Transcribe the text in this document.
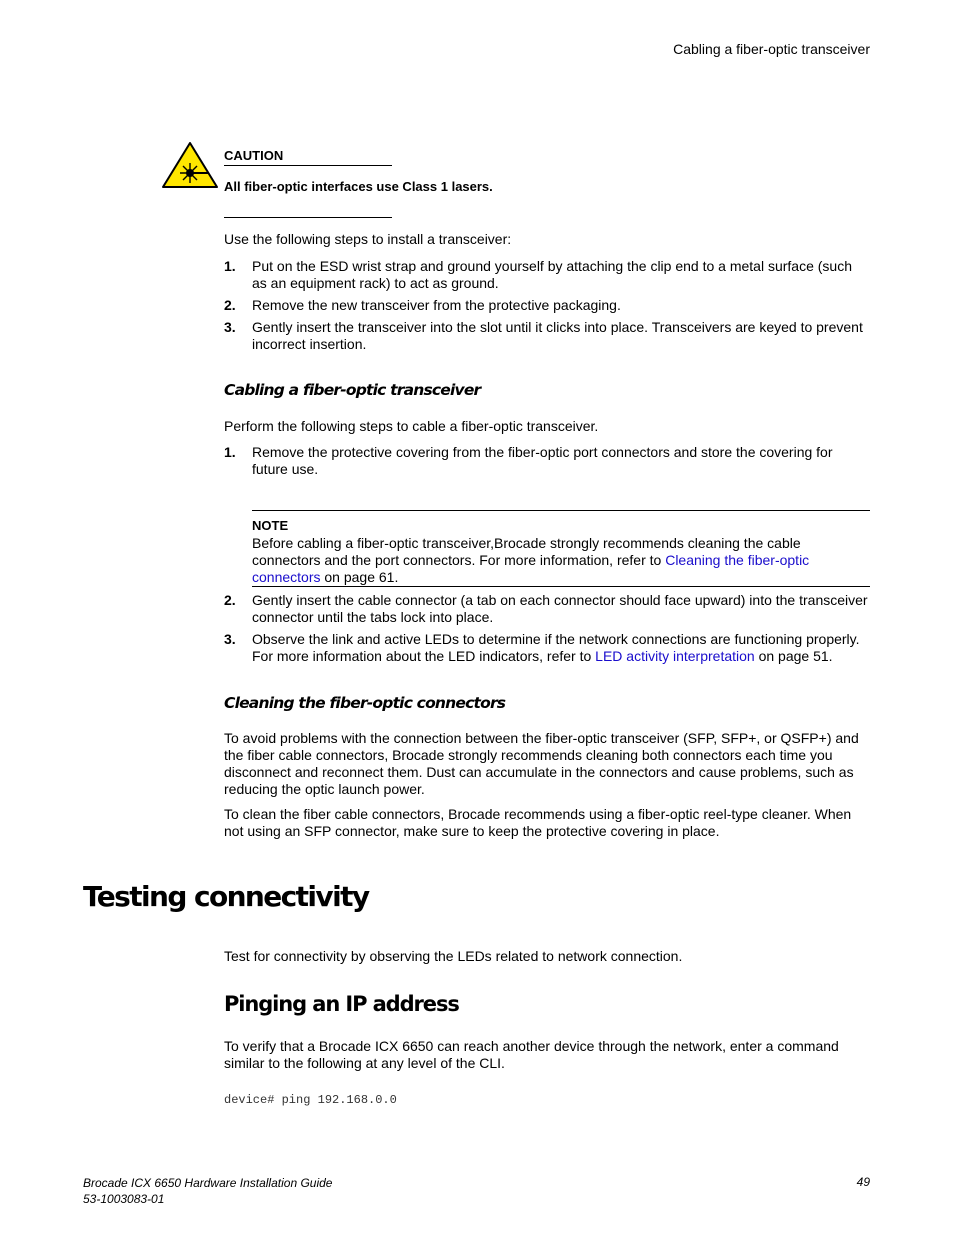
Cabling a fiber-optic transceiver
CAUTION
All fiber-optic interfaces use Class 1 lasers.
Use the following steps to install a transceiver:
1. Put on the ESD wrist strap and ground yourself by attaching the clip end to a metal surface (such as an equipment rack) to act as ground.
2. Remove the new transceiver from the protective packaging.
3. Gently insert the transceiver into the slot until it clicks into place. Transceivers are keyed to prevent incorrect insertion.
Cabling a fiber-optic transceiver
Perform the following steps to cable a fiber-optic transceiver.
1. Remove the protective covering from the fiber-optic port connectors and store the covering for future use.
NOTE
Before cabling a fiber-optic transceiver,Brocade strongly recommends cleaning the cable connectors and the port connectors. For more information, refer to Cleaning the fiber-optic connectors on page 61.
2. Gently insert the cable connector (a tab on each connector should face upward) into the transceiver connector until the tabs lock into place.
3. Observe the link and active LEDs to determine if the network connections are functioning properly. For more information about the LED indicators, refer to LED activity interpretation on page 51.
Cleaning the fiber-optic connectors
To avoid problems with the connection between the fiber-optic transceiver (SFP, SFP+, or QSFP+) and the fiber cable connectors, Brocade strongly recommends cleaning both connectors each time you disconnect and reconnect them. Dust can accumulate in the connectors and cause problems, such as reducing the optic launch power.
To clean the fiber cable connectors, Brocade recommends using a fiber-optic reel-type cleaner. When not using an SFP connector, make sure to keep the protective covering in place.
Testing connectivity
Test for connectivity by observing the LEDs related to network connection.
Pinging an IP address
To verify that a Brocade ICX 6650 can reach another device through the network, enter a command similar to the following at any level of the CLI.
device# ping 192.168.0.0
Brocade ICX 6650 Hardware Installation Guide
53-1003083-01
49
